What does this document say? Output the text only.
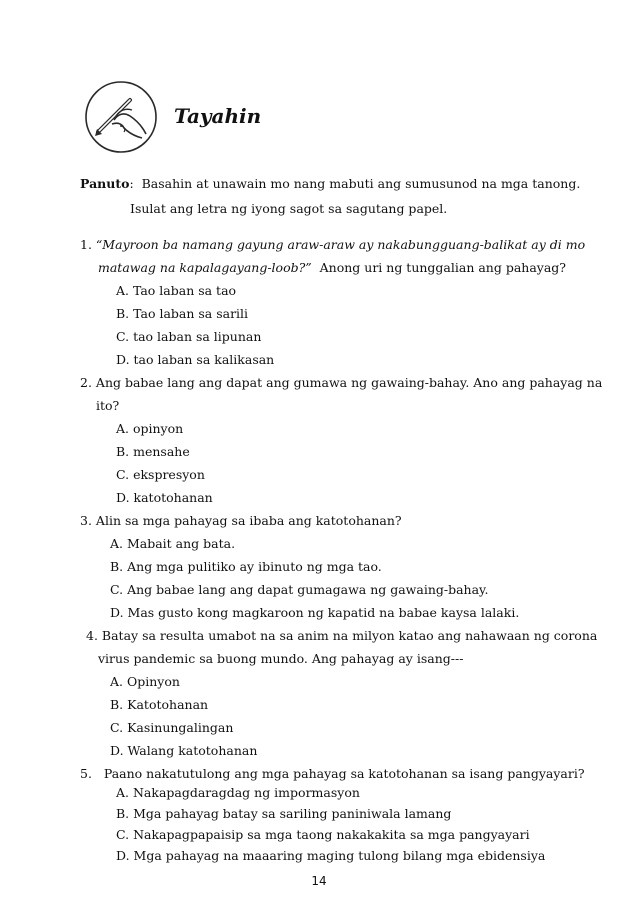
Tayahin
Panuto: Basahin at unawain mo nang mabuti ang sumusunod na mga tanong.
Isulat ang letra ng iyong sagot sa sagutang papel.
1. “Mayroon ba namang gayung araw-araw ay nakabungguang-balikat ay di mo
matawag na kapalagayang-loob?” Anong uri ng tunggalian ang pahayag?
A. Tao laban sa tao
B. Tao laban sa sarili
C. tao laban sa lipunan
D. tao laban sa kalikasan
2. Ang babae lang ang dapat ang gumawa ng gawaing-bahay. Ano ang pahayag na
ito?
A. opinyon
B. mensahe
C. ekspresyon
D. katotohanan
3. Alin sa mga pahayag sa ibaba ang katotohanan?
A. Mabait ang bata.
B. Ang mga pulitiko ay ibinuto ng mga tao.
C. Ang babae lang ang dapat gumagawa ng gawaing-bahay.
D. Mas gusto kong magkaroon ng kapatid na babae kaysa lalaki.
4. Batay sa resulta umabot na sa anim na milyon katao ang nahawaan ng corona
virus pandemic sa buong mundo. Ang pahayag ay isang---
A. Opinyon
B. Katotohanan
C. Kasinungalingan
D. Walang katotohanan
5. Paano nakatutulong ang mga pahayag sa katotohanan sa isang pangyayari?
A. Nakapagdaragdag ng impormasyon
B. Mga pahayag batay sa sariling paniniwala lamang
C. Nakapagpapaisip sa mga taong nakakakita sa mga pangyayari
D. Mga pahayag na maaaring maging tulong bilang mga ebidensiya
14
